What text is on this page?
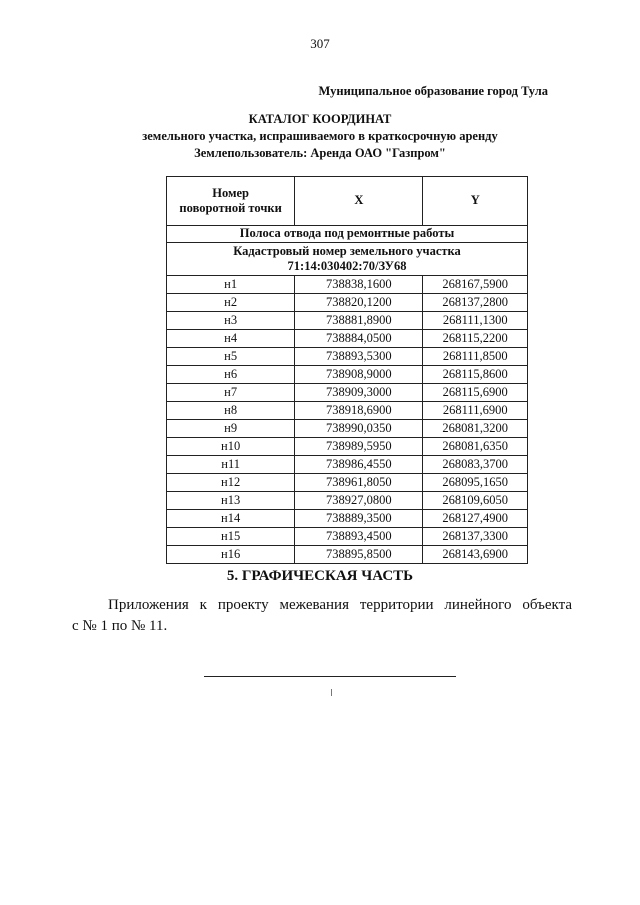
307
Муниципальное образование город Тула
КАТАЛОГ КООРДИНАТ
земельного участка, испрашиваемого в краткосрочную аренду
Землепользователь: Аренда ОАО "Газпром"
Номер
поворотной точки	X	Y
Полоса отвода под ремонтные работы		
Кадастровый номер земельного участка
71:14:030402:70/ЗУ68		
н1	738838,1600	268167,5900
н2	738820,1200	268137,2800
н3	738881,8900	268111,1300
н4	738884,0500	268115,2200
н5	738893,5300	268111,8500
н6	738908,9000	268115,8600
н7	738909,3000	268115,6900
н8	738918,6900	268111,6900
н9	738990,0350	268081,3200
н10	738989,5950	268081,6350
н11	738986,4550	268083,3700
н12	738961,8050	268095,1650
н13	738927,0800	268109,6050
н14	738889,3500	268127,4900
н15	738893,4500	268137,3300
н16	738895,8500	268143,6900
5. ГРАФИЧЕСКАЯ ЧАСТЬ
Приложения к проекту межевания территории линейного объекта
с № 1 по № 11.
